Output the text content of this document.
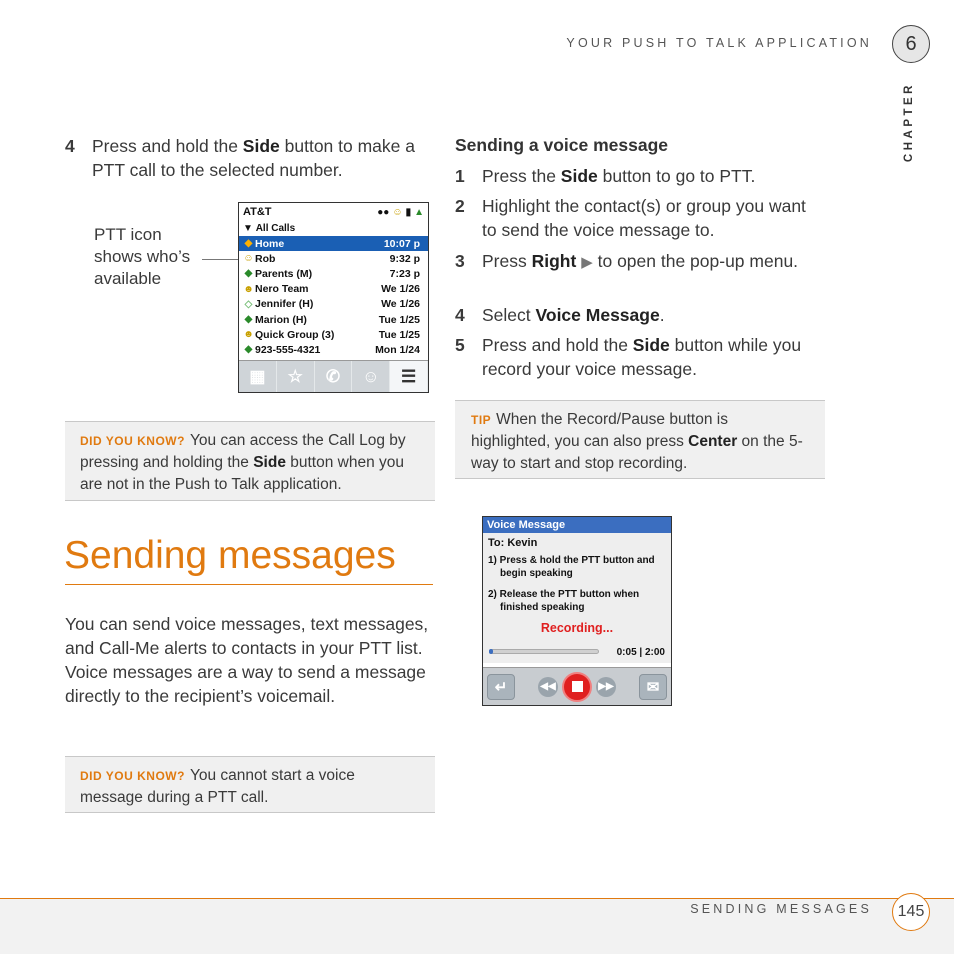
YOUR PUSH TO TALK APPLICATION	6
CHAPTER
4 Press and hold the Side button to make a PTT call to the selected number.
PTT icon shows who’s available
AT&T	●● ☺ ▮ ▲
▼ All Calls
◆ Home	10:07 p
☺ Rob	9:32 p
◆ Parents (M)	7:23 p
☻ Nero Team	We 1/26
◇ Jennifer (H)	We 1/26
◆ Marion (H)	Tue 1/25
☻ Quick Group (3)	Tue 1/25
◆ 923-555-4321	Mon 1/24
▦	☆	✆	☺	☰
DID YOU KNOW? You can access the Call Log by pressing and holding the Side button when you are not in the Push to Talk application.
Sending messages
You can send voice messages, text messages, and Call-Me alerts to contacts in your PTT list. Voice messages are a way to send a message directly to the recipient’s voicemail.
DID YOU KNOW? You cannot start a voice message during a PTT call.
Sending a voice message
1 Press the Side button to go to PTT.
2 Highlight the contact(s) or group you want to send the voice message to.
3 Press Right ▶ to open the pop-up menu.
4 Select Voice Message.
5 Press and hold the Side button while you record your voice message.
TIP When the Record/Pause button is highlighted, you can also press Center on the 5-way to start and stop recording.
Voice Message
To: Kevin
1) Press & hold the PTT button and
begin speaking
2) Release the PTT button when
finished speaking
Recording...
0:05 | 2:00
↵	◀◀	▶▶	✉
SENDING MESSAGES	145
